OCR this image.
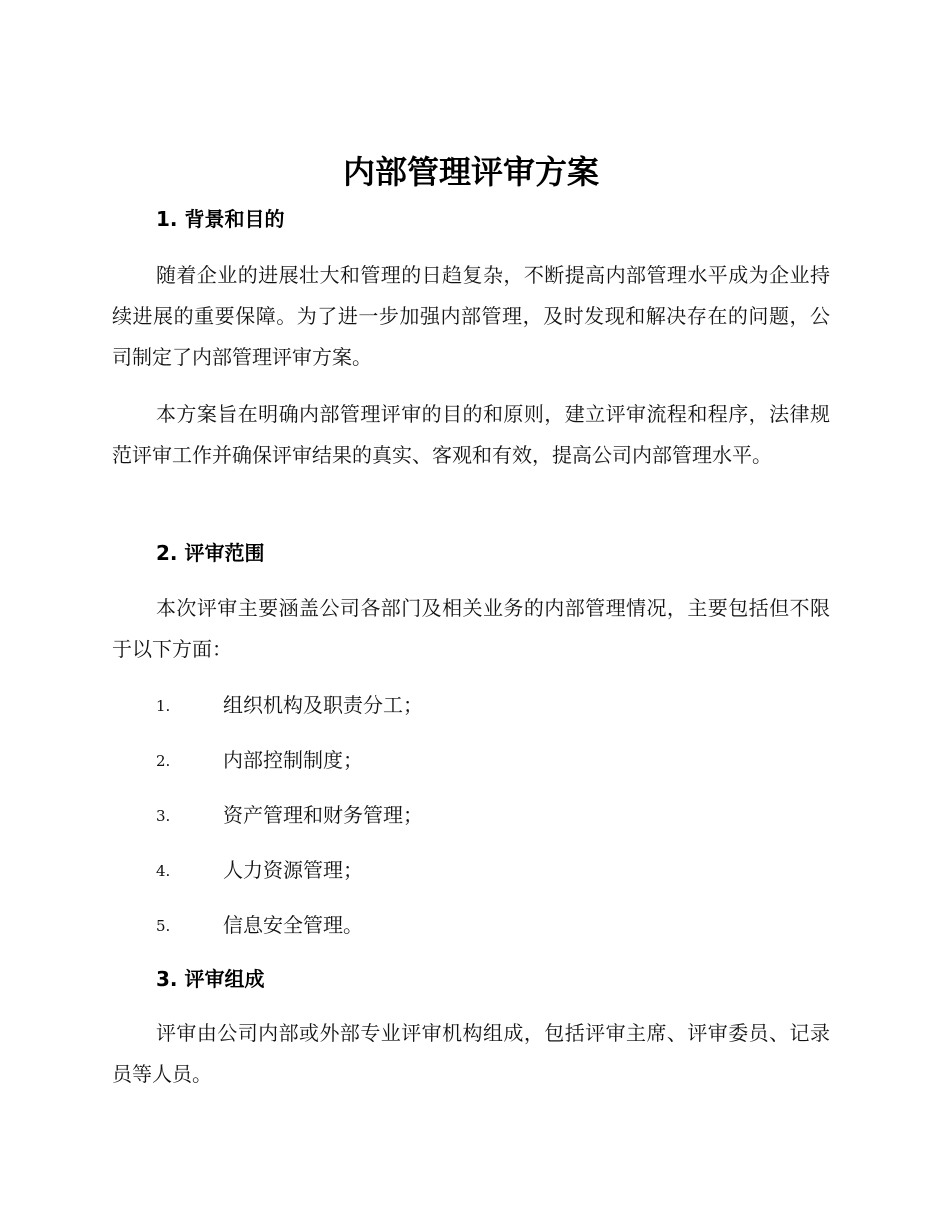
内部管理评审方案
1. 背景和目的

随着企业的进展壮大和管理的日趋复杂，不断提高内部管理水平成为企业持续进展的重要保障。为了进一步加强内部管理，及时发现和解决存在的问题，公司制定了内部管理评审方案。

本方案旨在明确内部管理评审的目的和原则，建立评审流程和程序，法律规范评审工作并确保评审结果的真实、客观和有效，提高公司内部管理水平。

2. 评审范围

本次评审主要涵盖公司各部门及相关业务的内部管理情况，主要包括但不限于以下方面：

1.	组织机构及职责分工；
2.	内部控制制度；
3.	资产管理和财务管理；
4.	人力资源管理；
5.	信息安全管理。
3. 评审组成

评审由公司内部或外部专业评审机构组成，包括评审主席、评审委员、记录员等人员。
